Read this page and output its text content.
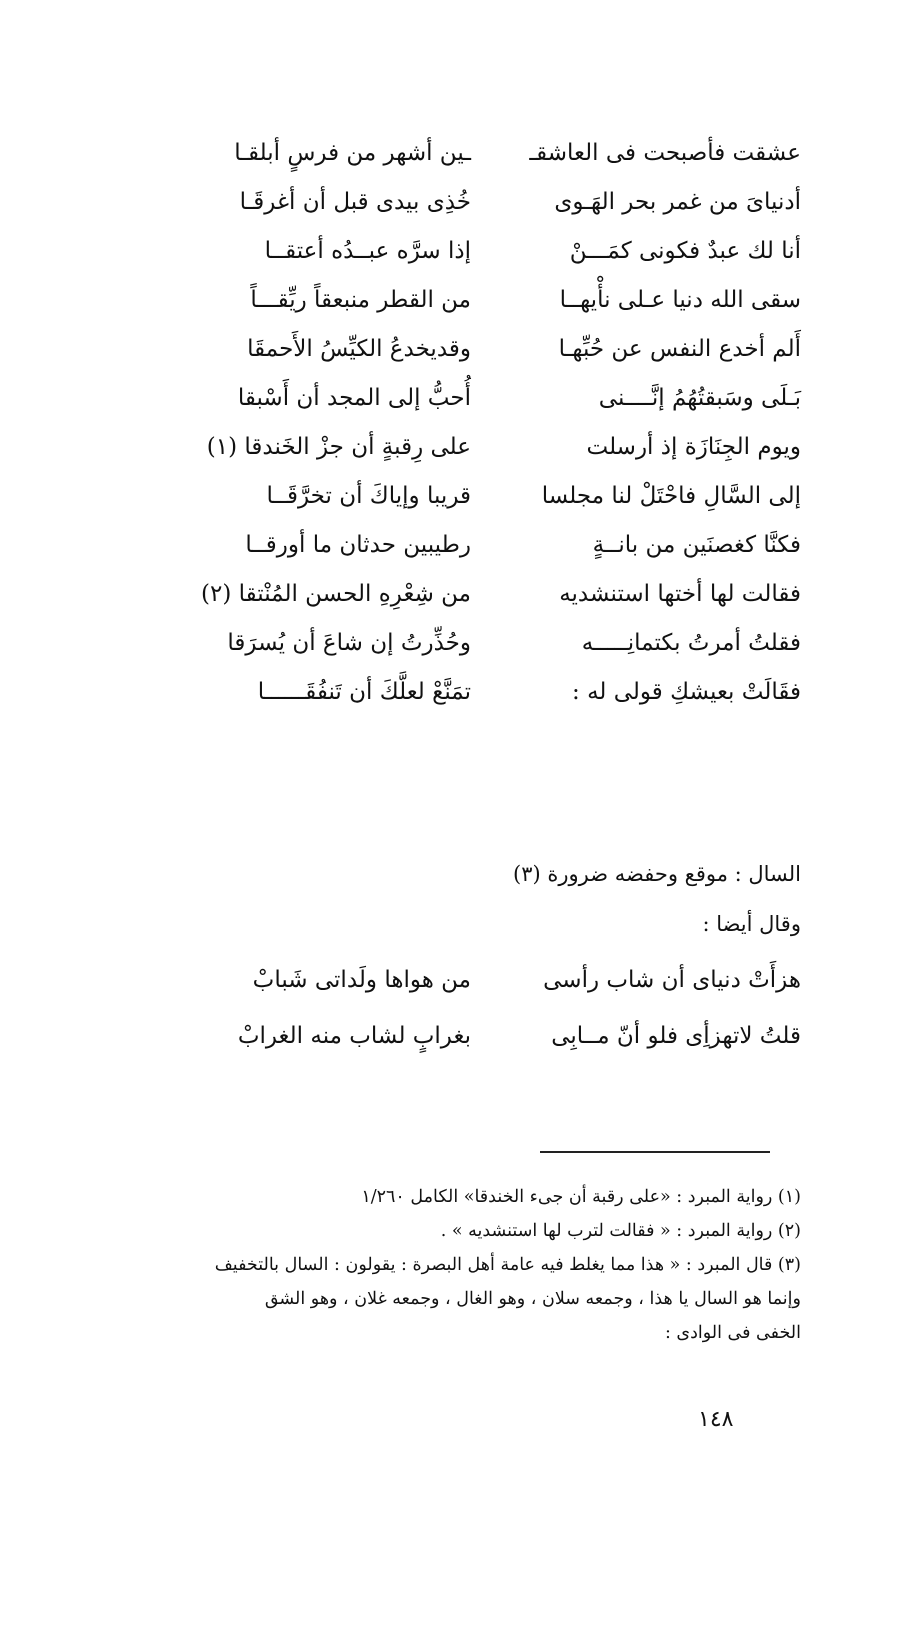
عشقت فأصبحت فى العاشقـ
ـين أشهر من فرسٍ أبلقـا
أدنياىَ من غمر بحر الهَـوى
خُذِى بيدى قبل أن أغرقَـا
أنا لك عبدٌ فكونى كمَـــنْ
إذا سرَّه عبــدُه أعتقــا
سقى الله دنيا عـلى نأْيهــا
من القطر منبعقاً ريِّقـــاً
أَلم أخدع النفس عن حُبِّهـا
وقديخدعُ الكيِّسُ الأَحمقَا
بَـلَى وسَبقتُهُمُ إنَّــــنى
أُحبُّ إلى المجد أن أَسْبقا
ويوم الجِنَازَة إذ أرسلت
على رِقبةٍ أن جزْ الخَندقا (١)
إلى السَّالِ فاحْتَلْ لنا مجلسا
قريبا وإياكَ أن تخرَّقَــا
فكنَّا كغصنَين من بانــةٍ
رطيبين حدثان ما أورقــا
فقالت لها أختها استنشديه
من شِعْرِهِ الحسن المُنْتقا (٢)
فقلتُ أمرتُ بكتمانِـــــه
وحُذِّرتُ إن شاعَ أن يُسرَقا
فقَالَتْ بعيشكِ قولى له :
تمَنَّعْ لعلَّكَ أن تَنفُقَــــــا
السال : موقع وحفضه ضرورة (٣)
وقال أيضا :
هزأَتْ دنياى أن شاب رأسى
من هواها ولَداتى شَبابْ
قلتُ لاتهزأِى فلو أنّ مــابِى
بغرابٍ لشاب منه الغرابْ
(١) رواية المبرد : «على رقبة أن جىء الخندقا» الكامل ١/٢٦٠
(٢) رواية المبرد : « فقالت لترب لها استنشديه » .
(٣) قال المبرد : « هذا مما يغلط فيه عامة أهل البصرة : يقولون : السال بالتخفيف
وإنما هو السال يا هذا ، وجمعه سلان ، وهو الغال ، وجمعه غلان ، وهو الشق
الخفى فى الوادى :
١٤٨
